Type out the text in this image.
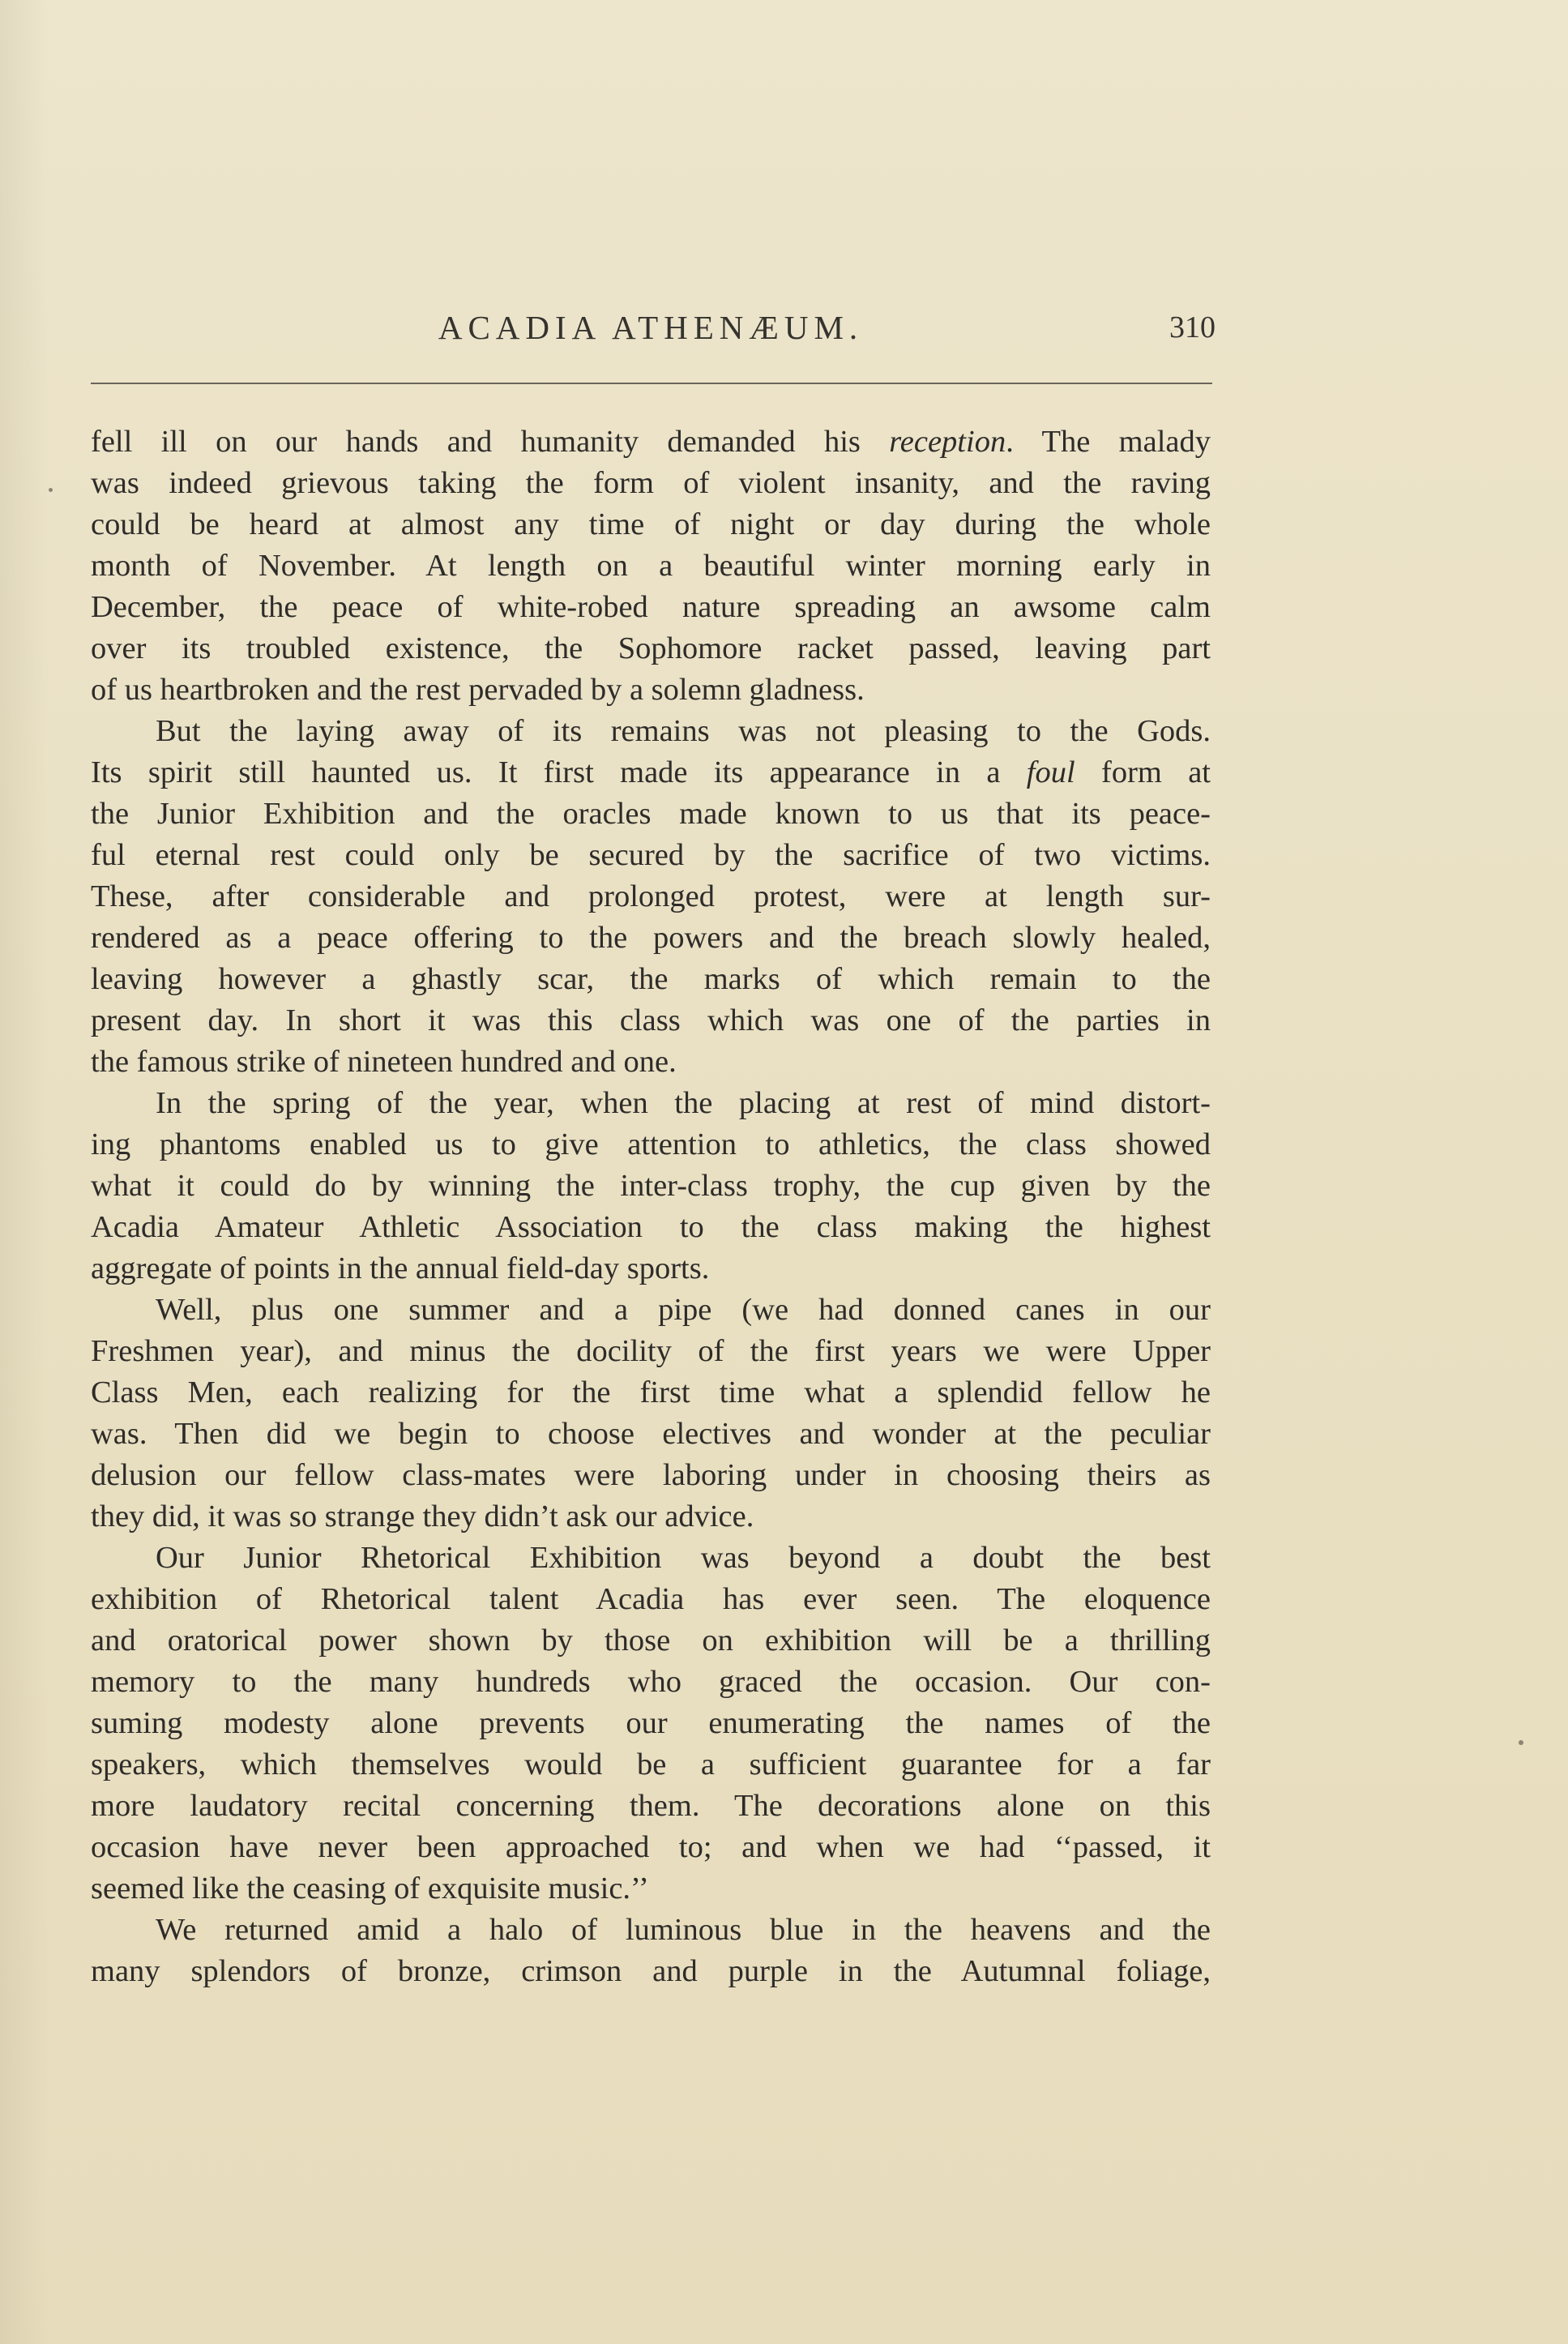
ACADIA ATHENÆUM.	310
fell ill on our hands and humanity demanded his reception. The malady
was indeed grievous taking the form of violent insanity, and the raving
could be heard at almost any time of night or day during the whole
month of November. At length on a beautiful winter morning early in
December, the peace of white-robed nature spreading an awsome calm
over its troubled existence, the Sophomore racket passed, leaving part
of us heartbroken and the rest pervaded by a solemn gladness.
But the laying away of its remains was not pleasing to the Gods.
Its spirit still haunted us. It first made its appearance in a foul form at
the Junior Exhibition and the oracles made known to us that its peace-
ful eternal rest could only be secured by the sacrifice of two victims.
These, after considerable and prolonged protest, were at length sur-
rendered as a peace offering to the powers and the breach slowly healed,
leaving however a ghastly scar, the marks of which remain to the
present day. In short it was this class which was one of the parties in
the famous strike of nineteen hundred and one.
In the spring of the year, when the placing at rest of mind distort-
ing phantoms enabled us to give attention to athletics, the class showed
what it could do by winning the inter-class trophy, the cup given by the
Acadia Amateur Athletic Association to the class making the highest
aggregate of points in the annual field-day sports.
Well, plus one summer and a pipe (we had donned canes in our
Freshmen year), and minus the docility of the first years we were Upper
Class Men, each realizing for the first time what a splendid fellow he
was. Then did we begin to choose electives and wonder at the peculiar
delusion our fellow class-mates were laboring under in choosing theirs as
they did, it was so strange they didn’t ask our advice.
Our Junior Rhetorical Exhibition was beyond a doubt the best
exhibition of Rhetorical talent Acadia has ever seen. The eloquence
and oratorical power shown by those on exhibition will be a thrilling
memory to the many hundreds who graced the occasion. Our con-
suming modesty alone prevents our enumerating the names of the
speakers, which themselves would be a sufficient guarantee for a far
more laudatory recital concerning them. The decorations alone on this
occasion have never been approached to; and when we had ‘‘passed, it
seemed like the ceasing of exquisite music.’’
We returned amid a halo of luminous blue in the heavens and the
many splendors of bronze, crimson and purple in the Autumnal foliage,
